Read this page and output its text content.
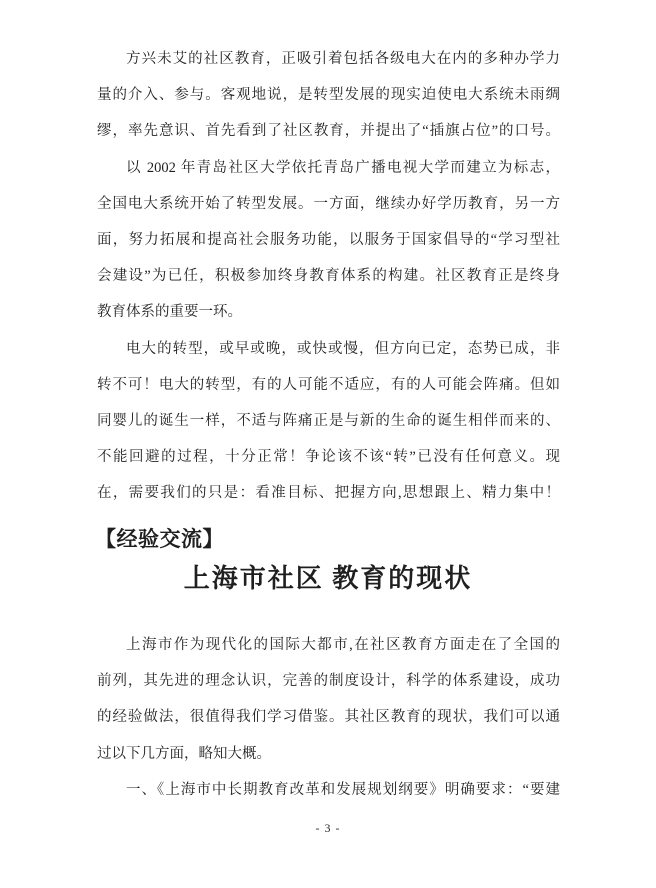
方兴未艾的社区教育，正吸引着包括各级电大在内的多种办学力
量的介入、参与。客观地说，是转型发展的现实迫使电大系统未雨绸
缪，率先意识、首先看到了社区教育，并提出了“插旗占位”的口号。
以 2002 年青岛社区大学依托青岛广播电视大学而建立为标志，
全国电大系统开始了转型发展。一方面，继续办好学历教育，另一方
面，努力拓展和提高社会服务功能，以服务于国家倡导的“学习型社
会建设”为已任，积极参加终身教育体系的构建。社区教育正是终身
教育体系的重要一环。
电大的转型，或早或晚，或快或慢，但方向已定，态势已成，非
转不可！电大的转型，有的人可能不适应，有的人可能会阵痛。但如
同婴儿的诞生一样，不适与阵痛正是与新的生命的诞生相伴而来的、
不能回避的过程，十分正常！争论该不该“转”已没有任何意义。现
在，需要我们的只是：看准目标、把握方向,思想跟上、精力集中！
【经验交流】
上海市社区 教育的现状
上海市作为现代化的国际大都市,在社区教育方面走在了全国的
前列，其先进的理念认识，完善的制度设计，科学的体系建设，成功
的经验做法，很值得我们学习借鉴。其社区教育的现状，我们可以通
过以下几方面，略知大概。
一、《上海市中长期教育改革和发展规划纲要》明确要求：“要建
- 3 -
